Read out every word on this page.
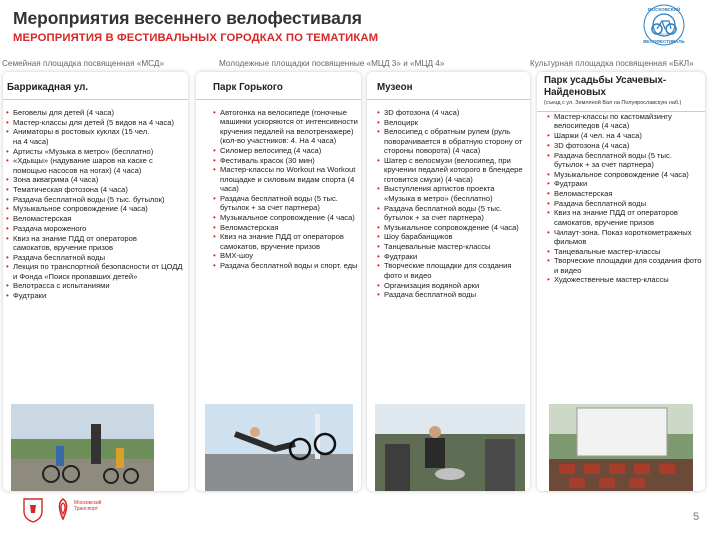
Мероприятия весеннего велофестиваля
МЕРОПРИЯТИЯ В ФЕСТИВАЛЬНЫХ ГОРОДКАХ ПО ТЕМАТИКАМ
МОСКОВСКИЙ
ВЕЛОФЕСТИВАЛЬ
2023
Семейная площадка посвященная «МСД»	Молодежные площадки посвященные «МЦД 3» и «МЦД 4»	Культурная площадка посвященная «БКЛ»
Баррикадная ул.
• Беговелы для детей (4 часа)
• Мастер-классы для детей (5 видов на 4 часа)
• Аниматоры в ростовых куклах (15 чел. на 4 часа)
• Артисты «Музыка в метро» (бесплатно)
• «Хдыщы» (надувание шаров на каске с помощью насосов на ногах) (4 часа)
• Зона аквагрима (4 часа)
• Тематическая фотозона (4 часа)
• Раздача бесплатной воды (5 тыс. бутылок)
• Музыкальное сопровождение (4 часа)
• Веломастерская
• Раздача мороженого
• Квиз на знание ПДД от операторов самокатов, вручение призов
• Раздача бесплатной воды
• Лекция по транспортной безопасности от ЦОДД и Фонда «Поиск пропавших детей»
• Велотрасса с испытаниями
• Фудтраки
Парк Горького
• Автогонка на велосипеде (гоночные машинки ускоряются от интенсивности кручения педалей на велотренажере) (кол-во участников: 4. На 4 часа)
• Силомер велосипед (4 часа)
• Фестиваль красок (30 мин)
• Мастер-классы по Workout на Workout площадке и силовым видам спорта (4 часа)
• Раздача бесплатной воды (5 тыс. бутылок + за счет партнера)
• Музыкальное сопровождение (4 часа)
• Веломастерская
• Квиз на знание ПДД от операторов самокатов, вручение призов
• BMX-шоу
• Раздача бесплатной воды и спорт. еды
Музеон
• 3D фотозона (4 часа)
• Велоцирк
• Велосипед с обратным рулем (руль поворачивается в обратную сторону от стороны поворота) (4 часа)
• Шатер с велосмузи (велосипед, при кручении педалей которого в блендере готовится смузи) (4 часа)
• Выступления артистов проекта «Музыка в метро» (бесплатно)
• Раздача бесплатной воды (5 тыс. бутылок + за счет партнера)
• Музыкальное сопровождение (4 часа)
• Шоу барабанщиков
• Танцевальные мастер-классы
• Фудтраки
• Творческие площадки для создания фото и видео
• Организация водяной арки
• Раздача бесплатной воды
Парк усадьбы Усачевых-Найденовых
(съезд с ул. Земляной Вал на Полуярославскую наб.)
• Мастер-классы по кастомайзингу велосипедов (4 часа)
• Шаржи (4 чел. на 4 часа)
• 3D фотозона (4 часа)
• Раздача бесплатной воды (5 тыс. бутылок + за счет партнера)
• Музыкальное сопровождение (4 часа)
• Фудтраки
• Веломастерская
• Раздача бесплатной воды
• Квиз на знание ПДД от операторов самокатов, вручение призов
• Чилаут-зона. Показ короткометражных фильмов
• Танцевальные мастер-классы
• Творческие площадки для создания фото и видео
• Художественные мастер-классы
Московский Транспорт
5
